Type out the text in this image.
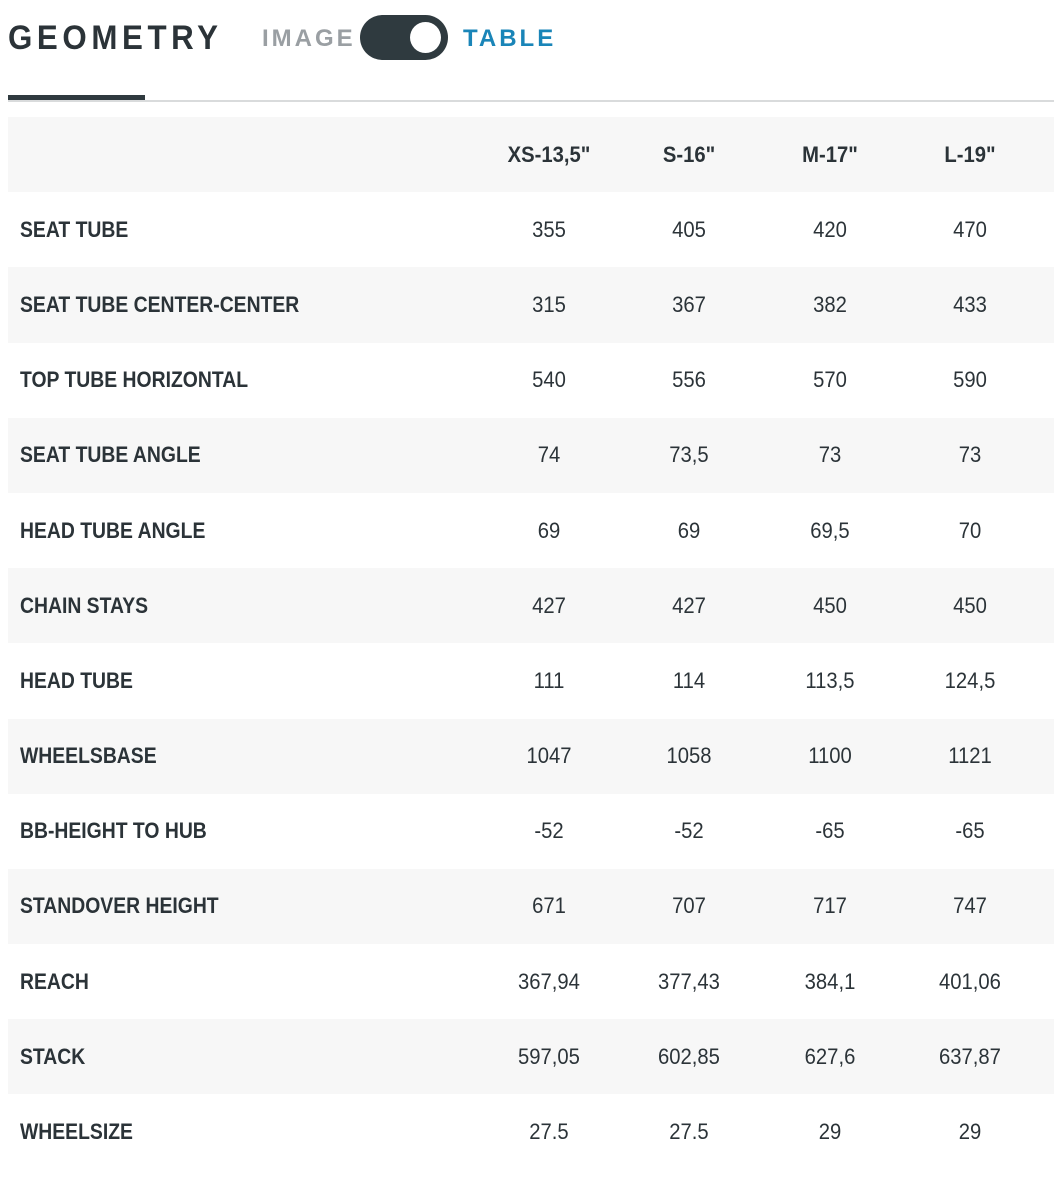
GEOMETRY IMAGE	TABLE
XS-13,5"	S-16"	M-17"	L-19"
SEAT TUBE	355	405	420	470
SEAT TUBE CENTER-CENTER	315	367	382	433
TOP TUBE HORIZONTAL	540	556	570	590
SEAT TUBE ANGLE	74	73,5	73	73
HEAD TUBE ANGLE	69	69	69,5	70
CHAIN STAYS	427	427	450	450
HEAD TUBE	111	114	113,5	124,5
WHEELSBASE	1047	1058	1100	1121
BB-HEIGHT TO HUB	-52	-52	-65	-65
STANDOVER HEIGHT	671	707	717	747
REACH	367,94	377,43	384,1	401,06
STACK	597,05	602,85	627,6	637,87
WHEELSIZE	27.5	27.5	29	29
